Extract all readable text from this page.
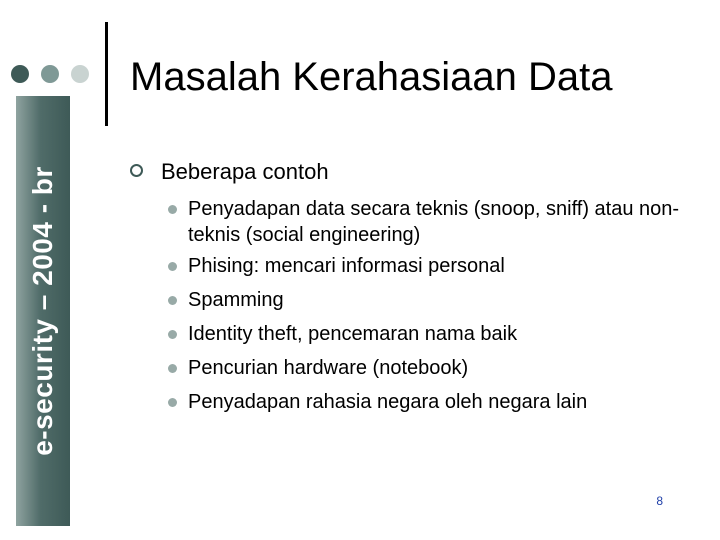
e-security – 2004 - br
Masalah Kerahasiaan Data
Beberapa contoh
Penyadapan data secara teknis (snoop, sniff) atau non-teknis (social engineering)
Phising: mencari informasi personal
Spamming
Identity theft, pencemaran nama baik
Pencurian hardware (notebook)
Penyadapan rahasia negara oleh negara lain
8
